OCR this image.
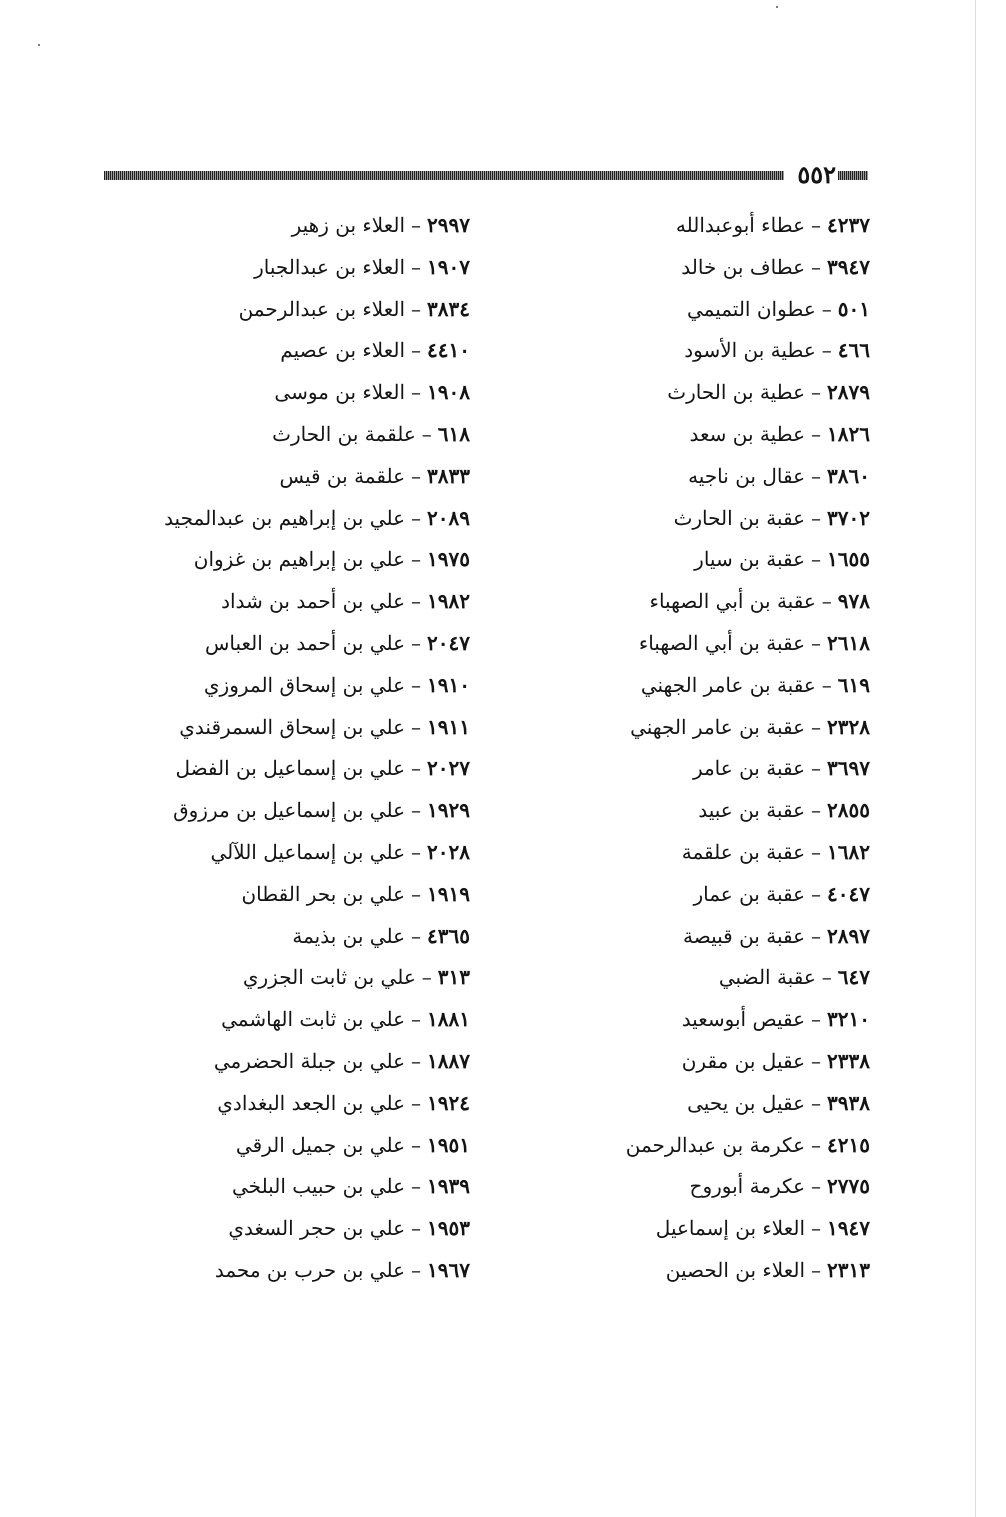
٥٥٢
٤٢٣٧–عطاء أبوعبدالله
٣٩٤٧–عطاف بن خالد
٥٠١–عطوان التميمي
٤٦٦–عطية بن الأسود
٢٨٧٩–عطية بن الحارث
١٨٢٦–عطية بن سعد
٣٨٦٠–عقال بن ناجيه
٣٧٠٢–عقبة بن الحارث
١٦٥٥–عقبة بن سيار
٩٧٨–عقبة بن أبي الصهباء
٢٦١٨–عقبة بن أبي الصهباء
٦١٩–عقبة بن عامر الجهني
٢٣٢٨–عقبة بن عامر الجهني
٣٦٩٧–عقبة بن عامر
٢٨٥٥–عقبة بن عبيد
١٦٨٢–عقبة بن علقمة
٤٠٤٧–عقبة بن عمار
٢٨٩٧–عقبة بن قبيصة
٦٤٧–عقبة الضبي
٣٢١٠–عقيص أبوسعيد
٢٣٣٨–عقيل بن مقرن
٣٩٣٨–عقيل بن يحيى
٤٢١٥–عكرمة بن عبدالرحمن
٢٧٧٥–عكرمة أبوروح
١٩٤٧–العلاء بن إسماعيل
٢٣١٣–العلاء بن الحصين
٢٩٩٧–العلاء بن زهير
١٩٠٧–العلاء بن عبدالجبار
٣٨٣٤–العلاء بن عبدالرحمن
٤٤١٠–العلاء بن عصيم
١٩٠٨–العلاء بن موسى
٦١٨–علقمة بن الحارث
٣٨٣٣–علقمة بن قيس
٢٠٨٩–علي بن إبراهيم بن عبدالمجيد
١٩٧٥–علي بن إبراهيم بن غزوان
١٩٨٢–علي بن أحمد بن شداد
٢٠٤٧–علي بن أحمد بن العباس
١٩١٠–علي بن إسحاق المروزي
١٩١١–علي بن إسحاق السمرقندي
٢٠٢٧–علي بن إسماعيل بن الفضل
١٩٢٩–علي بن إسماعيل بن مرزوق
٢٠٢٨–علي بن إسماعيل اللآلي
١٩١٩–علي بن بحر القطان
٤٣٦٥–علي بن بذيمة
٣١٣–علي بن ثابت الجزري
١٨٨١–علي بن ثابت الهاشمي
١٨٨٧–علي بن جبلة الحضرمي
١٩٢٤–علي بن الجعد البغدادي
١٩٥١–علي بن جميل الرقي
١٩٣٩–علي بن حبيب البلخي
١٩٥٣–علي بن حجر السغدي
١٩٦٧–علي بن حرب بن محمد
